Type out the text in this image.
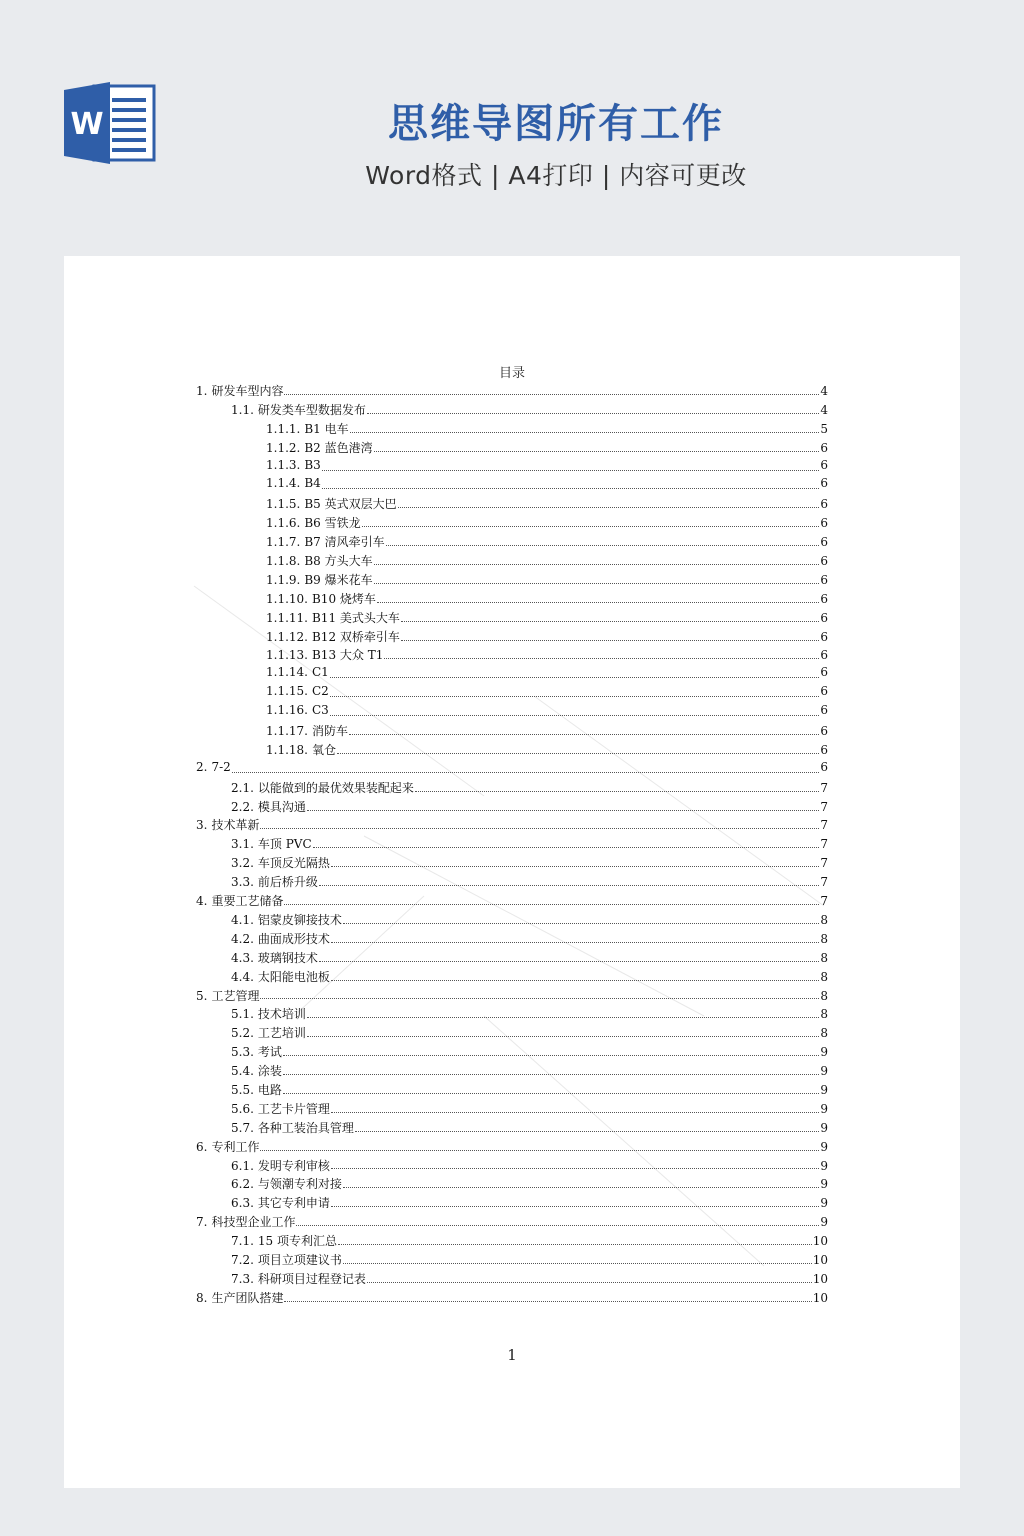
W	思维导图所有工作
Word格式 | A4打印 | 内容可更改
目录
1. 研发车型内容	4
1.1. 研发类车型数据发布	4
1.1.1. B1 电车	5
1.1.2. B2 蓝色港湾	6
1.1.3. B3	6
1.1.4. B4	6
1.1.5. B5 英式双层大巴	6
1.1.6. B6 雪铁龙	6
1.1.7. B7 清风牵引车	6
1.1.8. B8 方头大车	6
1.1.9. B9 爆米花车	6
1.1.10. B10 烧烤车	6
1.1.11. B11 美式头大车	6
1.1.12. B12 双桥牵引车	6
1.1.13. B13 大众 T1	6
1.1.14. C1	6
1.1.15. C2	6
1.1.16. C3	6
1.1.17. 消防车	6
1.1.18. 氧仓	6
2. 7-2	6
2.1. 以能做到的最优效果装配起来	7
2.2. 模具沟通	7
3. 技术革新	7
3.1. 车顶 PVC	7
3.2. 车顶反光隔热	7
3.3. 前后桥升级	7
4. 重要工艺储备	7
4.1. 铝蒙皮铆接技术	8
4.2. 曲面成形技术	8
4.3. 玻璃钢技术	8
4.4. 太阳能电池板	8
5. 工艺管理	8
5.1. 技术培训	8
5.2. 工艺培训	8
5.3. 考试	9
5.4. 涂装	9
5.5. 电路	9
5.6. 工艺卡片管理	9
5.7. 各种工装治具管理	9
6. 专利工作	9
6.1. 发明专利审核	9
6.2. 与领潮专利对接	9
6.3. 其它专利申请	9
7. 科技型企业工作	9
7.1. 15 项专利汇总	10
7.2. 项目立项建议书	10
7.3. 科研项目过程登记表	10
8. 生产团队搭建	10
1
